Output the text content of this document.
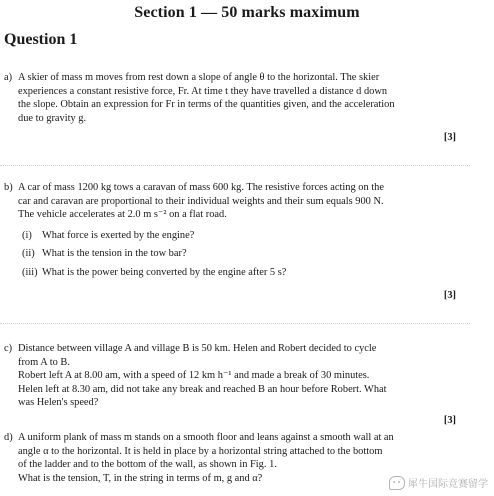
Section 1 — 50 marks maximum
Question 1

a) A skier of mass m moves from rest down a slope of angle θ to the horizontal. The skier

experiences a constant resistive force, Fr. At time t they have travelled a distance d down

the slope. Obtain an expression for Fr in terms of the quantities given, and the acceleration

due to gravity g.

[3]

b) A car of mass 1200 kg tows a caravan of mass 600 kg. The resistive forces acting on the

car and caravan are proportional to their individual weights and their sum equals 900 N.

The vehicle accelerates at 2.0 m s⁻² on a flat road.

(i) What force is exerted by the engine?

(ii) What is the tension in the tow bar?

(iii) What is the power being converted by the engine after 5 s?

[3]

c) Distance between village A and village B is 50 km. Helen and Robert decided to cycle

from A to B.

Robert left A at 8.00 am, with a speed of 12 km h⁻¹ and made a break of 30 minutes.

Helen left at 8.30 am, did not take any break and reached B an hour before Robert. What

was Helen's speed?

[3]

d) A uniform plank of mass m stands on a smooth floor and leans against a smooth wall at an

angle α to the horizontal. It is held in place by a horizontal string attached to the bottom

of the ladder and to the bottom of the wall, as shown in Fig. 1.

What is the tension, T, in the string in terms of m, g and α?

犀牛国际竞赛留学
